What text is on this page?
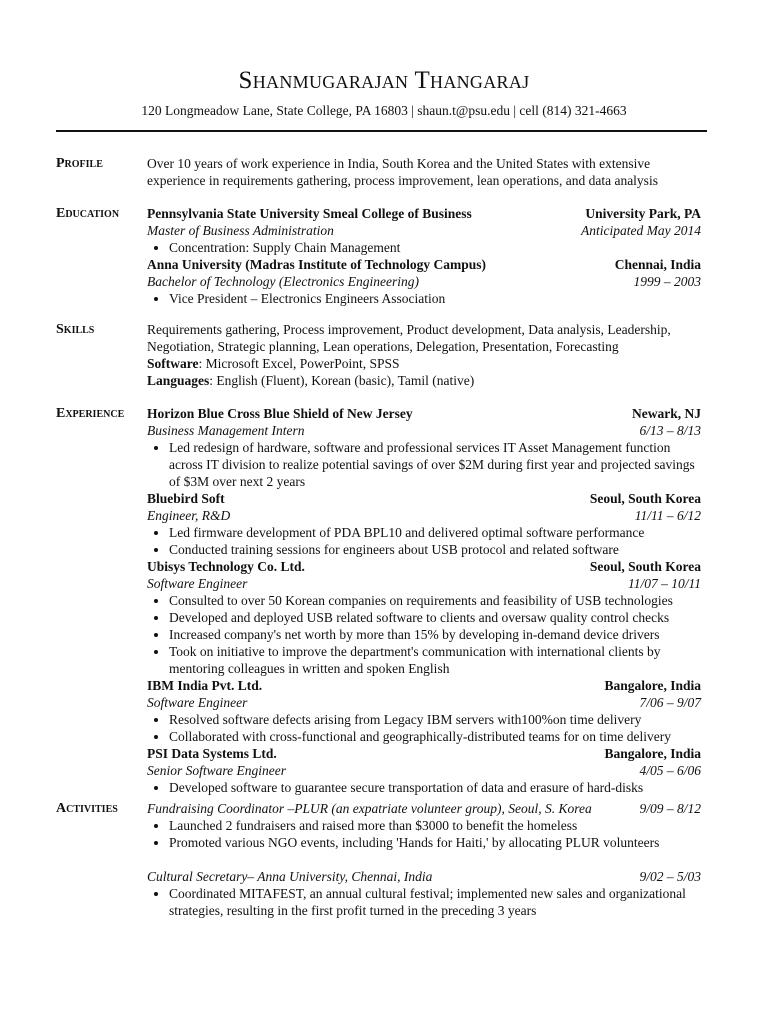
Shanmugarajan Thangaraj
120 Longmeadow Lane, State College, PA 16803 | shaun.t@psu.edu | cell (814) 321-4663
Profile	Over 10 years of work experience in India, South Korea and the United States with extensive experience in requirements gathering, process improvement, lean operations, and data analysis

Education	Pennsylvania State University Smeal College of Business	University Park, PA
Master of Business Administration	Anticipated May 2014
• Concentration: Supply Chain Management
Anna University (Madras Institute of Technology Campus)	Chennai, India
Bachelor of Technology (Electronics Engineering)	1999 – 2003
• Vice President – Electronics Engineers Association
Skills	Requirements gathering, Process improvement, Product development, Data analysis, Leadership,
Negotiation, Strategic planning, Lean operations, Delegation, Presentation, Forecasting
Software: Microsoft Excel, PowerPoint, SPSS
Languages: English (Fluent), Korean (basic), Tamil (native)
Experience	Horizon Blue Cross Blue Shield of New Jersey	Newark, NJ
Business Management Intern	6/13 – 8/13
• Led redesign of hardware, software and professional services IT Asset Management function across IT division to realize potential savings of over $2M during first year and projected savings of $3M over next 2 years
Bluebird Soft	Seoul, South Korea
Engineer, R&D	11/11 – 6/12
• Led firmware development of PDA BPL10 and delivered optimal software performance
• Conducted training sessions for engineers about USB protocol and related software
Ubisys Technology Co. Ltd.	Seoul, South Korea
Software Engineer	11/07 – 10/11
• Consulted to over 50 Korean companies on requirements and feasibility of USB technologies
• Developed and deployed USB related software to clients and oversaw quality control checks
• Increased company's net worth by more than 15% by developing in-demand device drivers
• Took on initiative to improve the department's communication with international clients by mentoring colleagues in written and spoken English
IBM India Pvt. Ltd.	Bangalore, India
Software Engineer	7/06 – 9/07
• Resolved software defects arising from Legacy IBM servers with100%on time delivery
• Collaborated with cross-functional and geographically-distributed teams for on time delivery
PSI Data Systems Ltd.	Bangalore, India
Senior Software Engineer	4/05 – 6/06
• Developed software to guarantee secure transportation of data and erasure of hard-disks
Activities	Fundraising Coordinator –PLUR (an expatriate volunteer group), Seoul, S. Korea	9/09 – 8/12
• Launched 2 fundraisers and raised more than $3000 to benefit the homeless
• Promoted various NGO events, including 'Hands for Haiti,' by allocating PLUR volunteers
Cultural Secretary– Anna University, Chennai, India	9/02 – 5/03
• Coordinated MITAFEST, an annual cultural festival; implemented new sales and organizational strategies, resulting in the first profit turned in the preceding 3 years
